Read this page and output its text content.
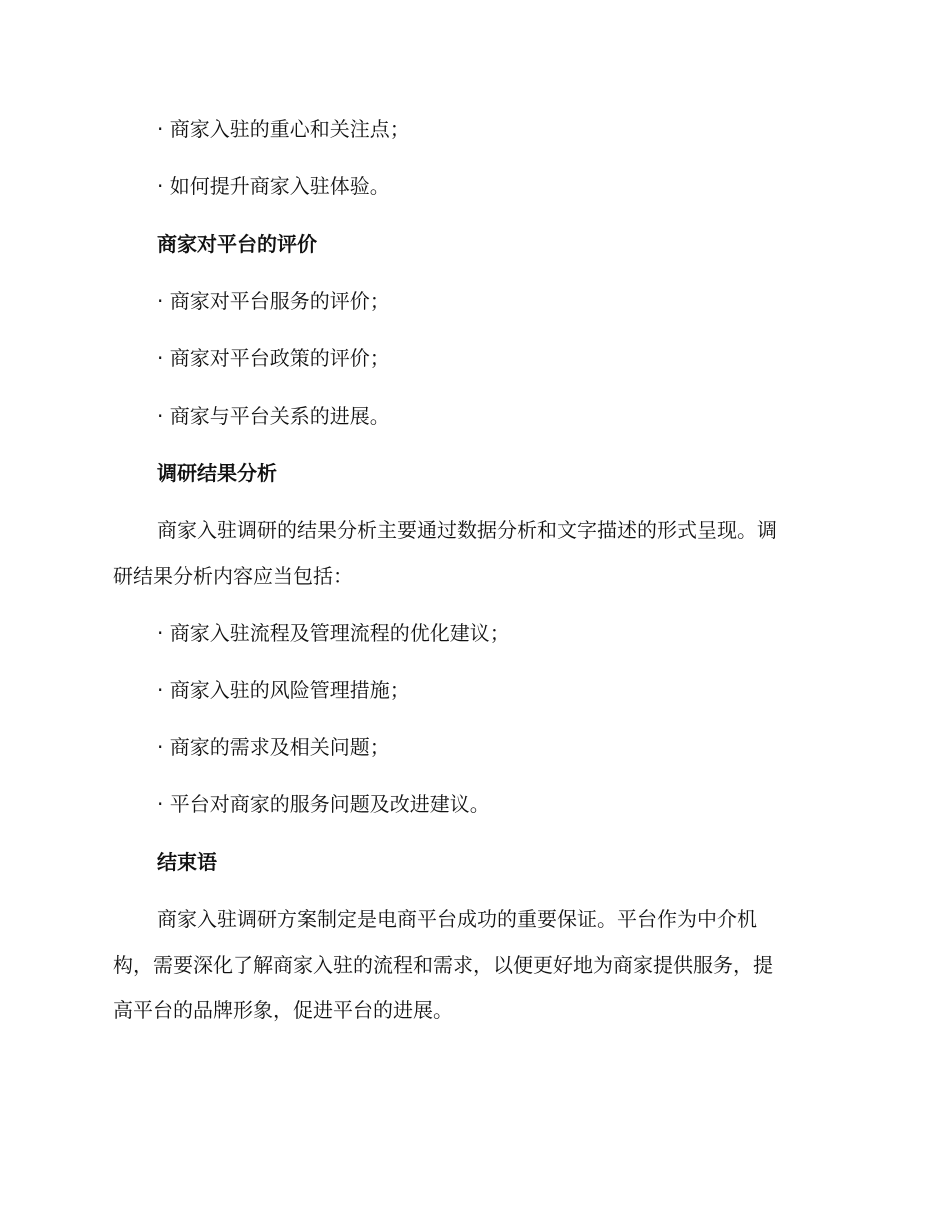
· 商家入驻的重心和关注点；
· 如何提升商家入驻体验。
商家对平台的评价
· 商家对平台服务的评价；
· 商家对平台政策的评价；
· 商家与平台关系的进展。
调研结果分析
商家入驻调研的结果分析主要通过数据分析和文字描述的形式呈现。调
研结果分析内容应当包括：
· 商家入驻流程及管理流程的优化建议；
· 商家入驻的风险管理措施；
· 商家的需求及相关问题；
· 平台对商家的服务问题及改进建议。
结束语
商家入驻调研方案制定是电商平台成功的重要保证。平台作为中介机
构，需要深化了解商家入驻的流程和需求，以便更好地为商家提供服务，提
高平台的品牌形象，促进平台的进展。
